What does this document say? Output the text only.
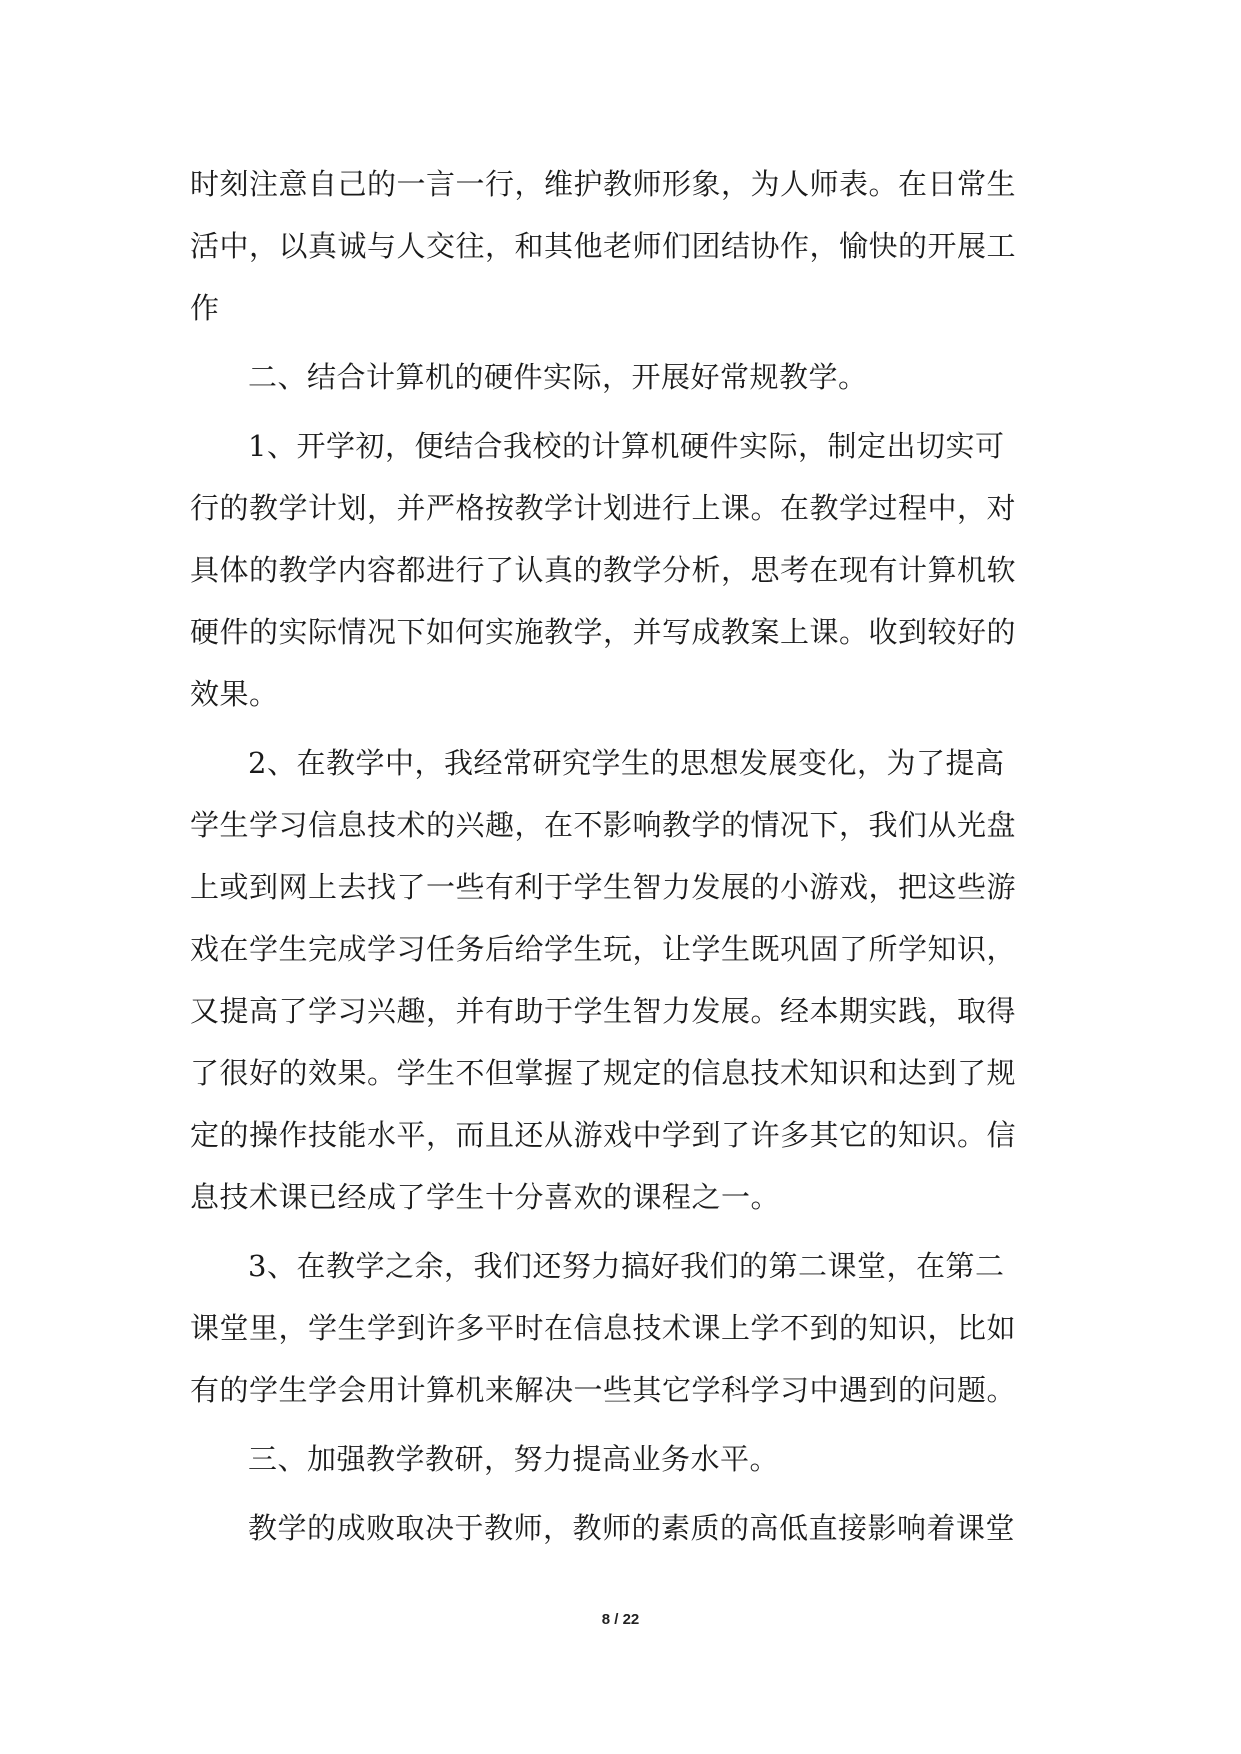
时刻注意自己的一言一行，维护教师形象，为人师表。在日常生
活中，以真诚与人交往，和其他老师们团结协作，愉快的开展工
作
二、结合计算机的硬件实际，开展好常规教学。
1、开学初，便结合我校的计算机硬件实际，制定出切实可
行的教学计划，并严格按教学计划进行上课。在教学过程中，对
具体的教学内容都进行了认真的教学分析，思考在现有计算机软
硬件的实际情况下如何实施教学，并写成教案上课。收到较好的
效果。
2、在教学中，我经常研究学生的思想发展变化，为了提高
学生学习信息技术的兴趣，在不影响教学的情况下，我们从光盘
上或到网上去找了一些有利于学生智力发展的小游戏，把这些游
戏在学生完成学习任务后给学生玩，让学生既巩固了所学知识，
又提高了学习兴趣，并有助于学生智力发展。经本期实践，取得
了很好的效果。学生不但掌握了规定的信息技术知识和达到了规
定的操作技能水平，而且还从游戏中学到了许多其它的知识。信
息技术课已经成了学生十分喜欢的课程之一。
3、在教学之余，我们还努力搞好我们的第二课堂，在第二
课堂里，学生学到许多平时在信息技术课上学不到的知识，比如
有的学生学会用计算机来解决一些其它学科学习中遇到的问题。
三、加强教学教研，努力提高业务水平。
教学的成败取决于教师，教师的素质的高低直接影响着课堂
8 / 22
